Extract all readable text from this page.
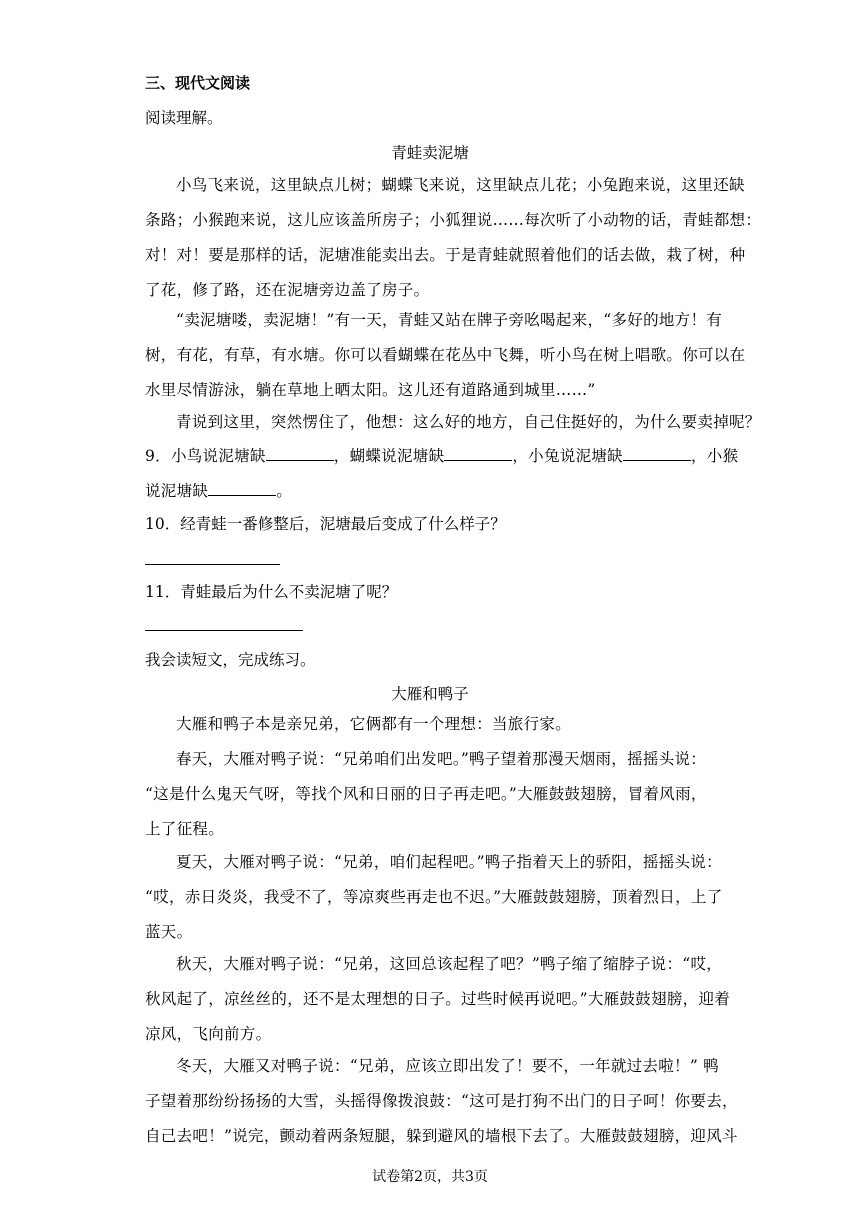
三、现代文阅读
阅读理解。
青蛙卖泥塘
小鸟飞来说，这里缺点儿树；蝴蝶飞来说，这里缺点儿花；小兔跑来说，这里还缺
条路；小猴跑来说，这儿应该盖所房子；小狐狸说……每次听了小动物的话，青蛙都想：
对！对！要是那样的话，泥塘准能卖出去。于是青蛙就照着他们的话去做，栽了树，种
了花，修了路，还在泥塘旁边盖了房子。
“卖泥塘喽，卖泥塘！”有一天，青蛙又站在牌子旁吆喝起来，“多好的地方！有
树，有花，有草，有水塘。你可以看蝴蝶在花丛中飞舞，听小鸟在树上唱歌。你可以在
水里尽情游泳，躺在草地上晒太阳。这儿还有道路通到城里……”
青说到这里，突然愣住了，他想：这么好的地方，自己住挺好的，为什么要卖掉呢？
9．小鸟说泥塘缺	，蝴蝶说泥塘缺	，小兔说泥塘缺	，小猴
说泥塘缺	。
10．经青蛙一番修整后，泥塘最后变成了什么样子？
11．青蛙最后为什么不卖泥塘了呢？
我会读短文，完成练习。
大雁和鸭子
大雁和鸭子本是亲兄弟，它俩都有一个理想：当旅行家。
春天，大雁对鸭子说：“兄弟咱们出发吧。”鸭子望着那漫天烟雨，摇摇头说：
“这是什么鬼天气呀，等找个风和日丽的日子再走吧。”大雁鼓鼓翅膀，冒着风雨，
上了征程。
夏天，大雁对鸭子说：“兄弟，咱们起程吧。”鸭子指着天上的骄阳，摇摇头说：
“哎，赤日炎炎，我受不了，等凉爽些再走也不迟。”大雁鼓鼓翅膀，顶着烈日，上了
蓝天。
秋天，大雁对鸭子说：“兄弟，这回总该起程了吧？”鸭子缩了缩脖子说：“哎，
秋风起了，凉丝丝的，还不是太理想的日子。过些时候再说吧。”大雁鼓鼓翅膀，迎着
凉风，飞向前方。
冬天，大雁又对鸭子说：“兄弟，应该立即出发了！要不，一年就过去啦！” 鸭
子望着那纷纷扬扬的大雪，头摇得像拨浪鼓：“这可是打狗不出门的日子呵！你要去，
自己去吧！”说完，颤动着两条短腿，躲到避风的墙根下去了。大雁鼓鼓翅膀，迎风斗
试卷第2页，共3页
